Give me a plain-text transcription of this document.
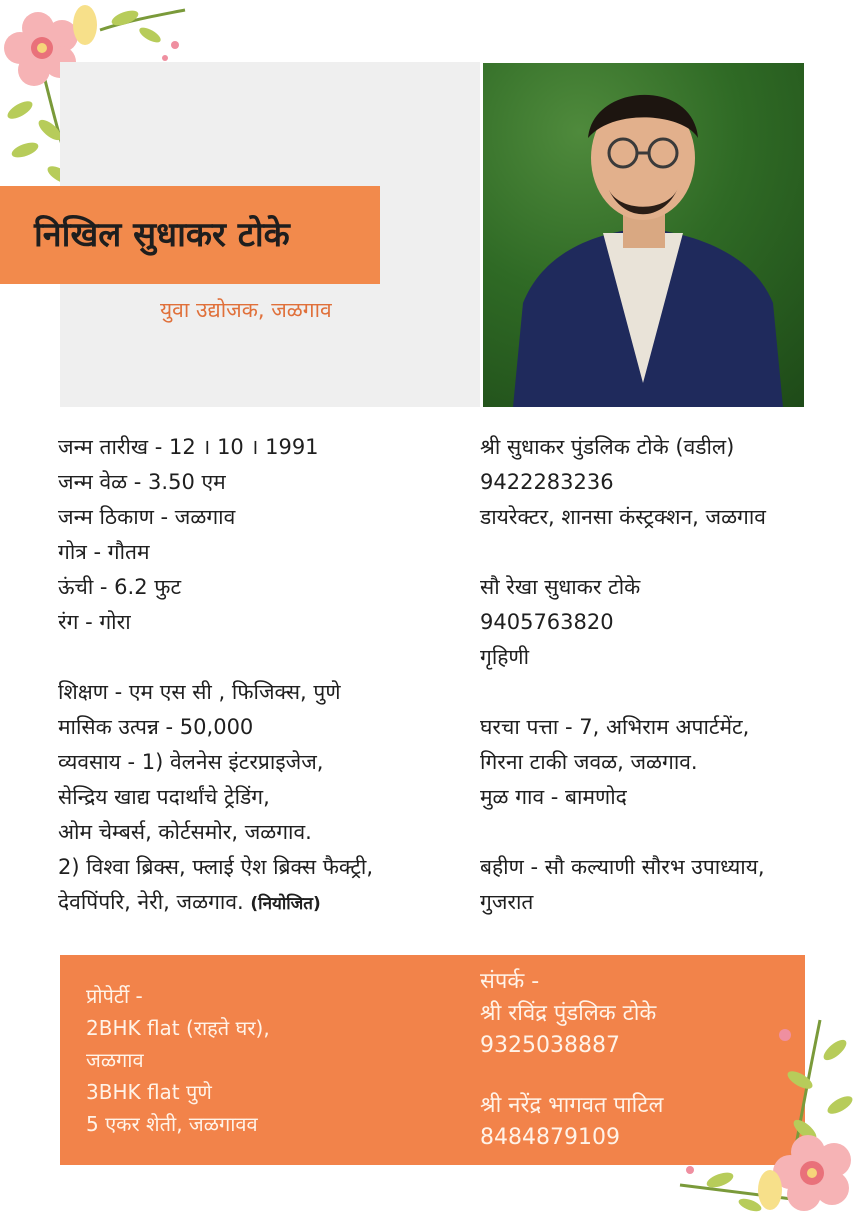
निखिल सुधाकर टोके
युवा उद्योजक, जळगाव
जन्म तारीख - 12 । 10 । 1991
जन्म वेळ - 3.50 एम
जन्म ठिकाण - जळगाव
गोत्र - गौतम
ऊंची - 6.2 फुट
रंग - गोरा
शिक्षण - एम एस सी , फिजिक्स, पुणे
मासिक उत्पन्न - 50,000
व्यवसाय - 1) वेलनेस इंटरप्राइजेज,
सेन्द्रिय खाद्य पदार्थांचे ट्रेडिंग,
ओम चेम्बर्स, कोर्टसमोर, जळगाव.
2) विश्वा ब्रिक्स, फ्लाई ऐश ब्रिक्स फैक्ट्री,
देवपिंपरि, नेरी, जळगाव. (नियोजित)
श्री सुधाकर पुंडलिक टोके (वडील)
9422283236
डायरेक्टर, शानसा कंस्ट्रक्शन, जळगाव
सौ रेखा सुधाकर टोके
9405763820
गृहिणी
घरचा पत्ता - 7, अभिराम अपार्टमेंट,
गिरना टाकी जवळ, जळगाव.
मुळ गाव - बामणोद
बहीण - सौ कल्याणी सौरभ उपाध्याय,
गुजरात
प्रोपेर्टी -
2BHK flat (राहते घर),
जळगाव
3BHK flat पुणे
5 एकर शेती, जळगावव
संपर्क -
श्री रविंद्र पुंडलिक टोके
9325038887
श्री नरेंद्र भागवत पाटिल
8484879109
